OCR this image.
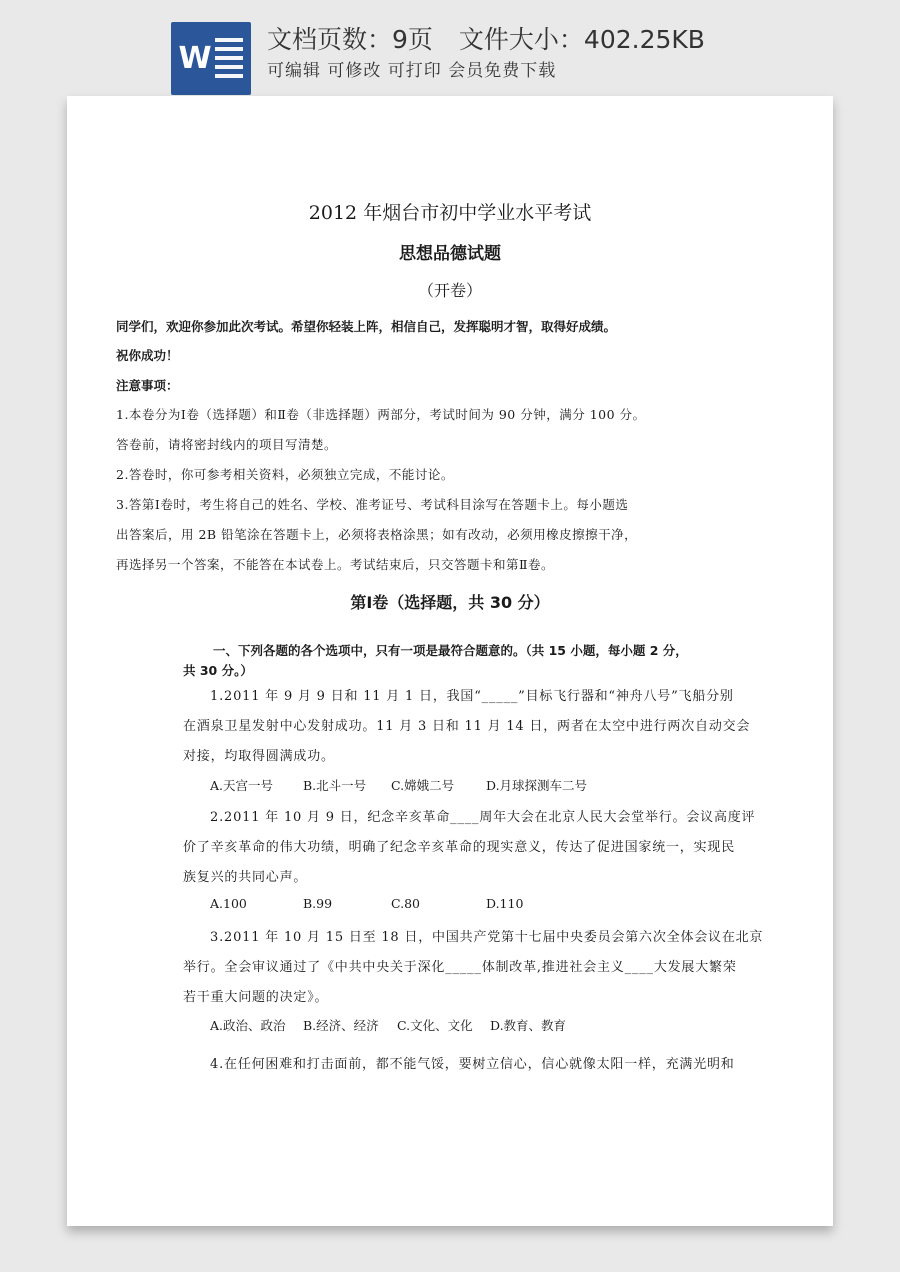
W
文档页数：9页 文件大小：402.25KB
可编辑 可修改 可打印 会员免费下载
2012 年烟台市初中学业水平考试
思想品德试题
（开卷）
同学们，欢迎你参加此次考试。希望你轻装上阵，相信自己，发挥聪明才智，取得好成绩。
祝你成功！
注意事项：
1.本卷分为Ⅰ卷（选择题）和Ⅱ卷（非选择题）两部分，考试时间为 90 分钟，满分 100 分。
答卷前，请将密封线内的项目写清楚。
2.答卷时，你可参考相关资料，必须独立完成，不能讨论。
3.答第Ⅰ卷时，考生将自己的姓名、学校、准考证号、考试科目涂写在答题卡上。每小题选
出答案后，用 2B 铅笔涂在答题卡上，必须将表格涂黑；如有改动，必须用橡皮擦擦干净，
再选择另一个答案，不能答在本试卷上。考试结束后，只交答题卡和第Ⅱ卷。
第Ⅰ卷（选择题，共 30 分）
一、下列各题的各个选项中，只有一项是最符合题意的。（共 15 小题，每小题 2 分，
共 30 分。）
1.2011 年 9 月 9 日和 11 月 1 日，我国“_____”目标飞行器和“神舟八号”飞船分别
在酒泉卫星发射中心发射成功。11 月 3 日和 11 月 14 日，两者在太空中进行两次自动交会
对接，均取得圆满成功。
A.天宫一号 B.北斗一号 C.嫦娥二号	D.月球探测车二号
2.2011 年 10 月 9 日，纪念辛亥革命____周年大会在北京人民大会堂举行。会议高度评
价了辛亥革命的伟大功绩，明确了纪念辛亥革命的现实意义，传达了促进国家统一，实现民
族复兴的共同心声。
A.100	B.99	C.80	D.110
3.2011 年 10 月 15 日至 18 日，中国共产党第十七届中央委员会第六次全体会议在北京
举行。全会审议通过了《中共中央关于深化_____体制改革,推进社会主义____大发展大繁荣
若干重大问题的决定》。
A.政治、政治 B.经济、经济 C.文化、文化 D.教育、教育
4.在任何困难和打击面前，都不能气馁，要树立信心，信心就像太阳一样，充满光明和
